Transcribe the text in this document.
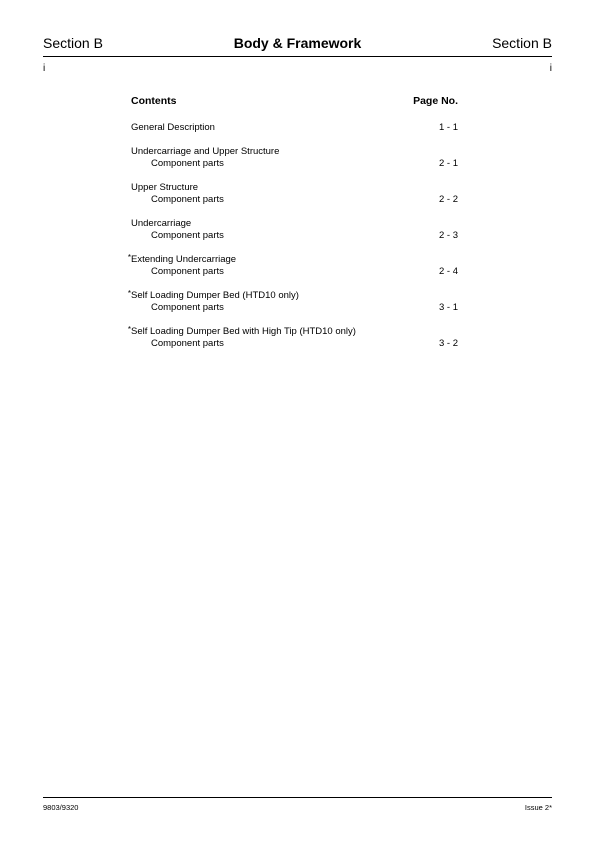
Section B	Body & Framework	Section B
i	i
Contents	Page No.
General Description	1 - 1
Undercarriage and Upper Structure
Component parts	2 - 1
Upper Structure
Component parts	2 - 2
Undercarriage
Component parts	2 - 3
* Extending Undercarriage
Component parts	2 - 4
* Self Loading Dumper Bed (HTD10 only)
Component parts	3 - 1
* Self Loading Dumper Bed with High Tip (HTD10 only)
Component parts	3 - 2
9803/9320	Issue 2*
